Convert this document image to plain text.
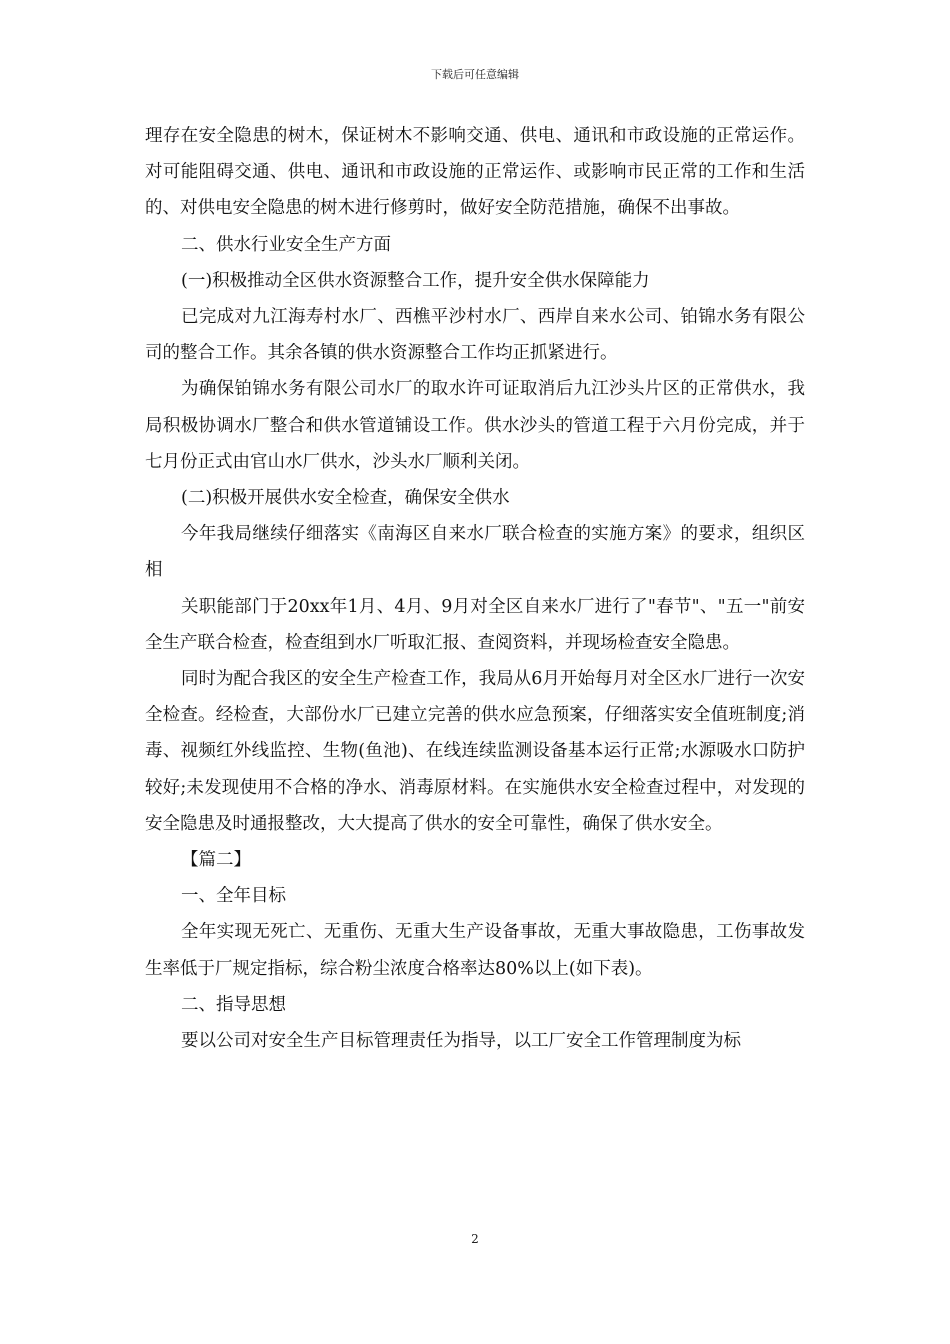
下载后可任意编辑

理存在安全隐患的树木，保证树木不影响交通、供电、通讯和市政设施的正常运作。对可能阻碍交通、供电、通讯和市政设施的正常运作、或影响市民正常的工作和生活的、对供电安全隐患的树木进行修剪时，做好安全防范措施，确保不出事故。

二、供水行业安全生产方面

(一)积极推动全区供水资源整合工作，提升安全供水保障能力

已完成对九江海寿村水厂、西樵平沙村水厂、西岸自来水公司、铂锦水务有限公司的整合工作。其余各镇的供水资源整合工作均正抓紧进行。

为确保铂锦水务有限公司水厂的取水许可证取消后九江沙头片区的正常供水，我局积极协调水厂整合和供水管道铺设工作。供水沙头的管道工程于六月份完成，并于七月份正式由官山水厂供水，沙头水厂顺利关闭。

(二)积极开展供水安全检查，确保安全供水

今年我局继续仔细落实《南海区自来水厂联合检查的实施方案》的要求，组织区相

关职能部门于20xx年1月、4月、9月对全区自来水厂进行了"春节"、"五一"前安全生产联合检查，检查组到水厂听取汇报、查阅资料，并现场检查安全隐患。

同时为配合我区的安全生产检查工作，我局从6月开始每月对全区水厂进行一次安全检查。经检查，大部份水厂已建立完善的供水应急预案，仔细落实安全值班制度;消毒、视频红外线监控、生物(鱼池)、在线连续监测设备基本运行正常;水源吸水口防护较好;未发现使用不合格的净水、消毒原材料。在实施供水安全检查过程中，对发现的安全隐患及时通报整改，大大提高了供水的安全可靠性，确保了供水安全。

【篇二】

一、全年目标

全年实现无死亡、无重伤、无重大生产设备事故，无重大事故隐患，工伤事故发生率低于厂规定指标，综合粉尘浓度合格率达80%以上(如下表)。

二、指导思想

要以公司对安全生产目标管理责任为指导，以工厂安全工作管理制度为标

2
